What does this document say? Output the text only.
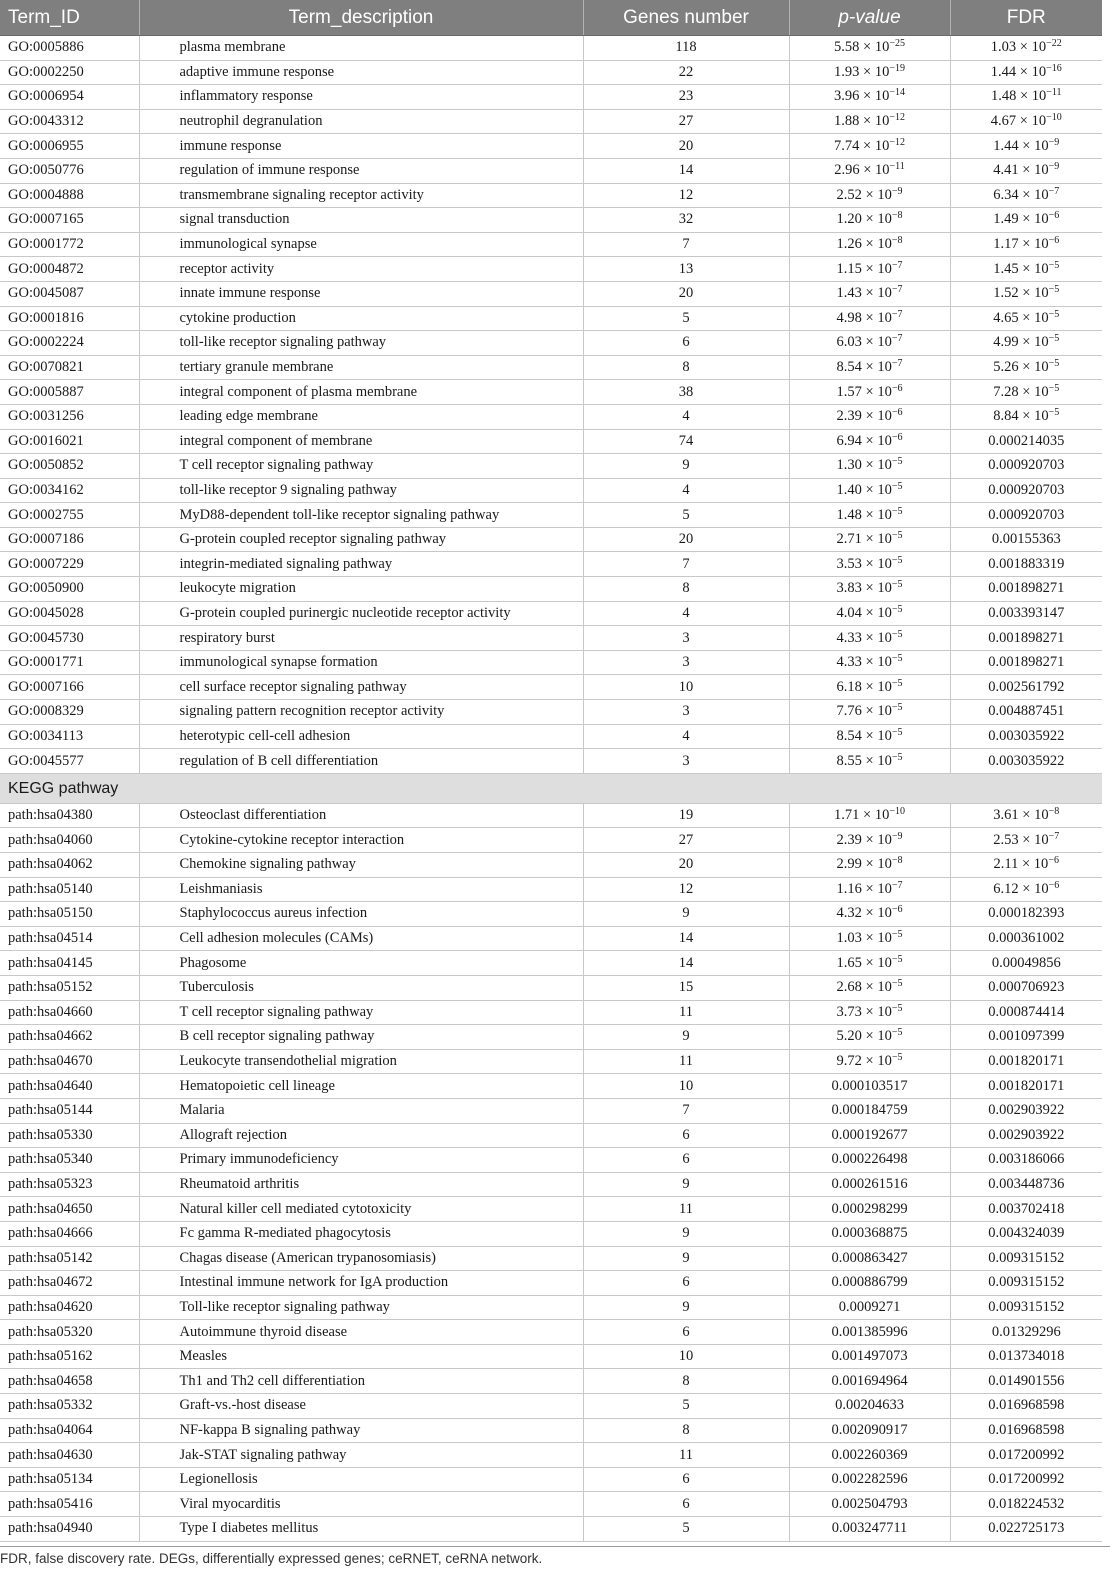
Term_ID	Term_description	Genes number	p-value	FDR
GO:0005886	plasma membrane	118	$5.58 \times 10^{-25}$	$1.03 \times 10^{-22}$
GO:0002250	adaptive immune response	22	$1.93 \times 10^{-19}$	$1.44 \times 10^{-16}$
GO:0006954	inflammatory response	23	$3.96 \times 10^{-14}$	$1.48 \times 10^{-11}$
GO:0043312	neutrophil degranulation	27	$1.88 \times 10^{-12}$	$4.67 \times 10^{-10}$
GO:0006955	immune response	20	$7.74 \times 10^{-12}$	$1.44 \times 10^{-9}$
GO:0050776	regulation of immune response	14	$2.96 \times 10^{-11}$	$4.41 \times 10^{-9}$
GO:0004888	transmembrane signaling receptor activity	12	$2.52 \times 10^{-9}$	$6.34 \times 10^{-7}$
GO:0007165	signal transduction	32	$1.20 \times 10^{-8}$	$1.49 \times 10^{-6}$
GO:0001772	immunological synapse	7	$1.26 \times 10^{-8}$	$1.17 \times 10^{-6}$
GO:0004872	receptor activity	13	$1.15 \times 10^{-7}$	$1.45 \times 10^{-5}$
GO:0045087	innate immune response	20	$1.43 \times 10^{-7}$	$1.52 \times 10^{-5}$
GO:0001816	cytokine production	5	$4.98 \times 10^{-7}$	$4.65 \times 10^{-5}$
GO:0002224	toll-like receptor signaling pathway	6	$6.03 \times 10^{-7}$	$4.99 \times 10^{-5}$
GO:0070821	tertiary granule membrane	8	$8.54 \times 10^{-7}$	$5.26 \times 10^{-5}$
GO:0005887	integral component of plasma membrane	38	$1.57 \times 10^{-6}$	$7.28 \times 10^{-5}$
GO:0031256	leading edge membrane	4	$2.39 \times 10^{-6}$	$8.84 \times 10^{-5}$
GO:0016021	integral component of membrane	74	$6.94 \times 10^{-6}$	0.000214035
GO:0050852	T cell receptor signaling pathway	9	$1.30 \times 10^{-5}$	0.000920703
GO:0034162	toll-like receptor 9 signaling pathway	4	$1.40 \times 10^{-5}$	0.000920703
GO:0002755	MyD88-dependent toll-like receptor signaling pathway	5	$1.48 \times 10^{-5}$	0.000920703
GO:0007186	G-protein coupled receptor signaling pathway	20	$2.71 \times 10^{-5}$	0.00155363
GO:0007229	integrin-mediated signaling pathway	7	$3.53 \times 10^{-5}$	0.001883319
GO:0050900	leukocyte migration	8	$3.83 \times 10^{-5}$	0.001898271
GO:0045028	G-protein coupled purinergic nucleotide receptor activity	4	$4.04 \times 10^{-5}$	0.003393147
GO:0045730	respiratory burst	3	$4.33 \times 10^{-5}$	0.001898271
GO:0001771	immunological synapse formation	3	$4.33 \times 10^{-5}$	0.001898271
GO:0007166	cell surface receptor signaling pathway	10	$6.18 \times 10^{-5}$	0.002561792
GO:0008329	signaling pattern recognition receptor activity	3	$7.76 \times 10^{-5}$	0.004887451
GO:0034113	heterotypic cell-cell adhesion	4	$8.54 \times 10^{-5}$	0.003035922
GO:0045577	regulation of B cell differentiation	3	$8.55 \times 10^{-5}$	0.003035922
KEGG pathway				
path:hsa04380	Osteoclast differentiation	19	$1.71 \times 10^{-10}$	$3.61 \times 10^{-8}$
path:hsa04060	Cytokine-cytokine receptor interaction	27	$2.39 \times 10^{-9}$	$2.53 \times 10^{-7}$
path:hsa04062	Chemokine signaling pathway	20	$2.99 \times 10^{-8}$	$2.11 \times 10^{-6}$
path:hsa05140	Leishmaniasis	12	$1.16 \times 10^{-7}$	$6.12 \times 10^{-6}$
path:hsa05150	Staphylococcus aureus infection	9	$4.32 \times 10^{-6}$	0.000182393
path:hsa04514	Cell adhesion molecules (CAMs)	14	$1.03 \times 10^{-5}$	0.000361002
path:hsa04145	Phagosome	14	$1.65 \times 10^{-5}$	0.00049856
path:hsa05152	Tuberculosis	15	$2.68 \times 10^{-5}$	0.000706923
path:hsa04660	T cell receptor signaling pathway	11	$3.73 \times 10^{-5}$	0.000874414
path:hsa04662	B cell receptor signaling pathway	9	$5.20 \times 10^{-5}$	0.001097399
path:hsa04670	Leukocyte transendothelial migration	11	$9.72 \times 10^{-5}$	0.001820171
path:hsa04640	Hematopoietic cell lineage	10	0.000103517	0.001820171
path:hsa05144	Malaria	7	0.000184759	0.002903922
path:hsa05330	Allograft rejection	6	0.000192677	0.002903922
path:hsa05340	Primary immunodeficiency	6	0.000226498	0.003186066
path:hsa05323	Rheumatoid arthritis	9	0.000261516	0.003448736
path:hsa04650	Natural killer cell mediated cytotoxicity	11	0.000298299	0.003702418
path:hsa04666	Fc gamma R-mediated phagocytosis	9	0.000368875	0.004324039
path:hsa05142	Chagas disease (American trypanosomiasis)	9	0.000863427	0.009315152
path:hsa04672	Intestinal immune network for IgA production	6	0.000886799	0.009315152
path:hsa04620	Toll-like receptor signaling pathway	9	0.0009271	0.009315152
path:hsa05320	Autoimmune thyroid disease	6	0.001385996	0.01329296
path:hsa05162	Measles	10	0.001497073	0.013734018
path:hsa04658	Th1 and Th2 cell differentiation	8	0.001694964	0.014901556
path:hsa05332	Graft-vs.-host disease	5	0.00204633	0.016968598
path:hsa04064	NF-kappa B signaling pathway	8	0.002090917	0.016968598
path:hsa04630	Jak-STAT signaling pathway	11	0.002260369	0.017200992
path:hsa05134	Legionellosis	6	0.002282596	0.017200992
path:hsa05416	Viral myocarditis	6	0.002504793	0.018224532
path:hsa04940	Type I diabetes mellitus	5	0.003247711	0.022725173
FDR, false discovery rate. DEGs, differentially expressed genes; ceRNET, ceRNA network.
